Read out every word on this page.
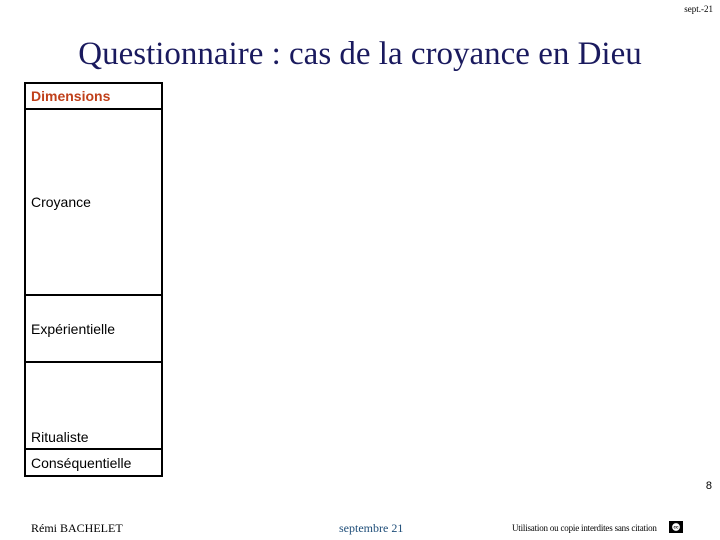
sept.-21
Questionnaire : cas de la croyance en Dieu
Dimensions
Croyance
Expérientielle
Ritualiste
Conséquentielle
8
Rémi BACHELET	septembre 21	Utilisation ou copie interdites sans citation	cc
